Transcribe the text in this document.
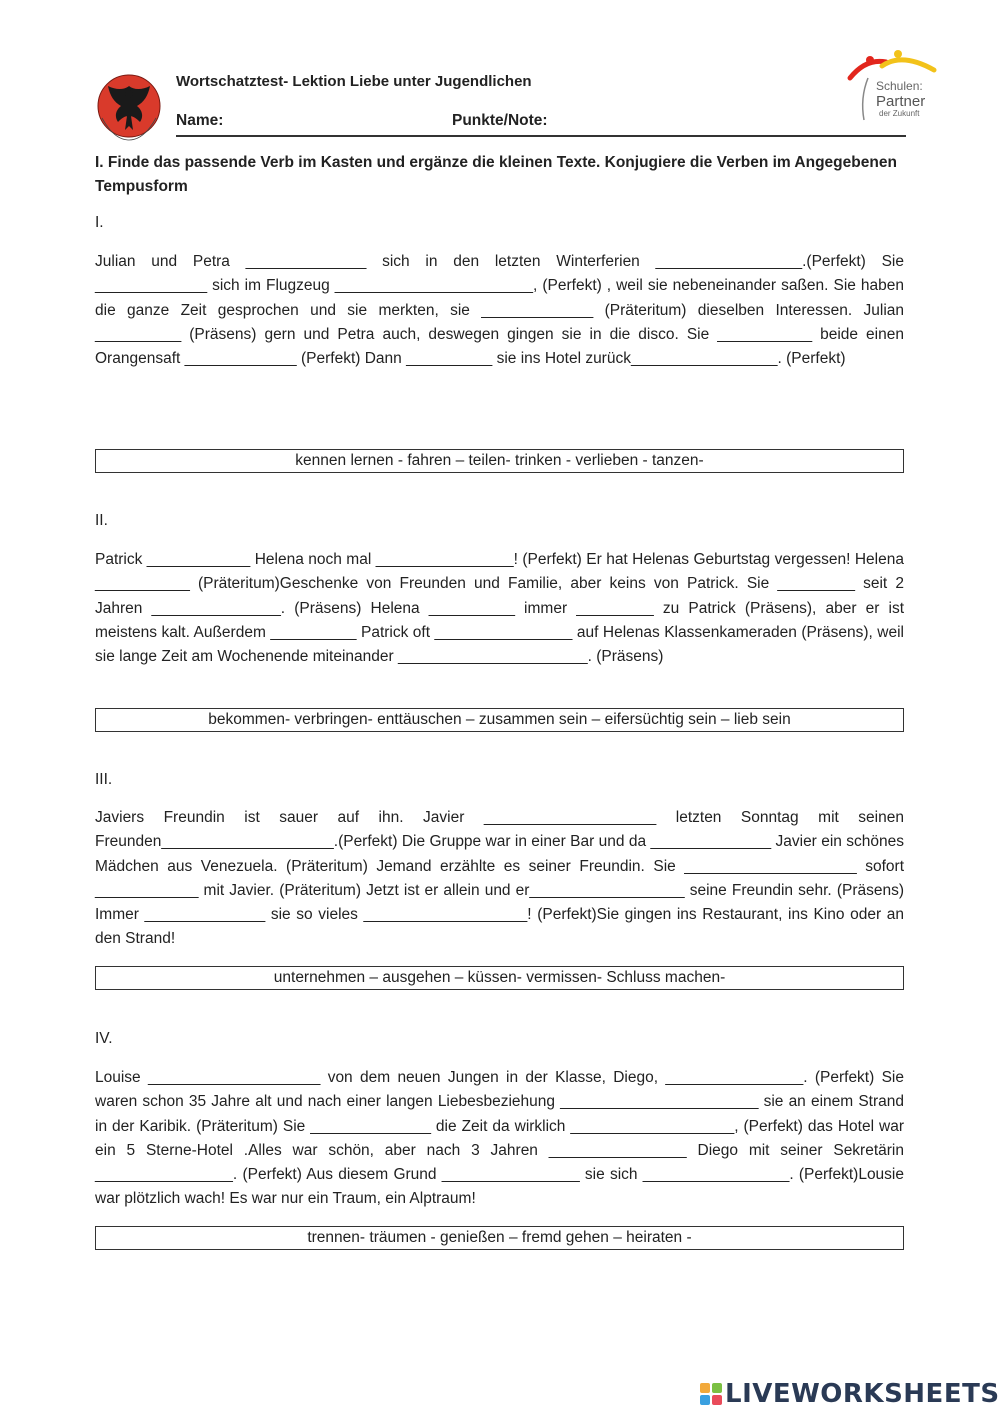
Wortschatztest- Lektion Liebe unter Jugendlichen
Name:	Punkte/Note:
Schulen:
Partner
der Zukunft
I. Finde das passende Verb im Kasten und ergänze die kleinen Texte. Konjugiere die Verben im Angegebenen Tempusform
I.
Julian und Petra ______________ sich in den letzten Winterferien _________________.(Perfekt) Sie _____________ sich im Flugzeug _______________________, (Perfekt) , weil sie nebeneinander saßen. Sie haben die ganze Zeit gesprochen und sie merkten, sie _____________ (Präteritum) dieselben Interessen. Julian __________ (Präsens) gern und Petra auch, deswegen gingen sie in die disco. Sie ___________ beide einen Orangensaft _____________ (Perfekt) Dann __________ sie ins Hotel zurück_________________. (Perfekt)
kennen lernen - fahren – teilen- trinken - verlieben - tanzen-
II.
Patrick ____________ Helena noch mal ________________! (Perfekt) Er hat Helenas Geburtstag vergessen! Helena ___________ (Präteritum)Geschenke von Freunden und Familie, aber keins von Patrick. Sie _________ seit 2 Jahren _______________. (Präsens) Helena __________ immer _________ zu Patrick (Präsens), aber er ist meistens kalt. Außerdem __________ Patrick oft ________________ auf Helenas Klassenkameraden (Präsens), weil sie lange Zeit am Wochenende miteinander ______________________. (Präsens)
bekommen- verbringen- enttäuschen – zusammen sein – eifersüchtig sein – lieb sein
III.
Javiers Freundin ist sauer auf ihn. Javier ____________________ letzten Sonntag mit seinen Freunden____________________.(Perfekt) Die Gruppe war in einer Bar und da ______________ Javier ein schönes Mädchen aus Venezuela. (Präteritum) Jemand erzählte es seiner Freundin. Sie ____________________ sofort ____________ mit Javier. (Präteritum) Jetzt ist er allein und er__________________ seine Freundin sehr. (Präsens) Immer ______________ sie so vieles ___________________! (Perfekt)Sie gingen ins Restaurant, ins Kino oder an den Strand!
unternehmen – ausgehen – küssen- vermissen- Schluss machen-
IV.
Louise ____________________ von dem neuen Jungen in der Klasse, Diego, ________________. (Perfekt) Sie waren schon 35 Jahre alt und nach einer langen Liebesbeziehung _______________________ sie an einem Strand in der Karibik. (Präteritum) Sie ______________ die Zeit da wirklich ___________________, (Perfekt) das Hotel war ein 5 Sterne-Hotel .Alles war schön, aber nach 3 Jahren ________________ Diego mit seiner Sekretärin ________________. (Perfekt) Aus diesem Grund ________________ sie sich _________________. (Perfekt)Lousie war plötzlich wach! Es war nur ein Traum, ein Alptraum!
trennen- träumen - genießen – fremd gehen – heiraten -
LIVEWORKSHEETS
